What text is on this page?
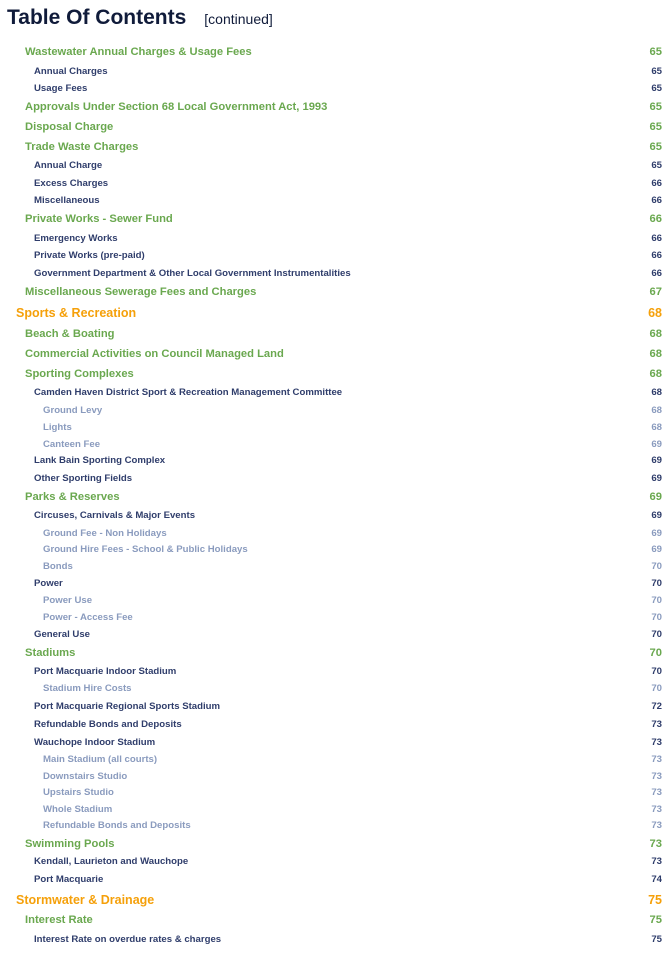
Table Of Contents [continued]
Wastewater Annual Charges & Usage Fees	65
Annual Charges	65
Usage Fees	65
Approvals Under Section 68 Local Government Act, 1993	65
Disposal Charge	65
Trade Waste Charges	65
Annual Charge	65
Excess Charges	66
Miscellaneous	66
Private Works - Sewer Fund	66
Emergency Works	66
Private Works (pre-paid)	66
Government Department & Other Local Government Instrumentalities	66
Miscellaneous Sewerage Fees and Charges	67
Sports & Recreation	68
Beach & Boating	68
Commercial Activities on Council Managed Land	68
Sporting Complexes	68
Camden Haven District Sport & Recreation Management Committee	68
Ground Levy	68
Lights	68
Canteen Fee	69
Lank Bain Sporting Complex	69
Other Sporting Fields	69
Parks & Reserves	69
Circuses, Carnivals & Major Events	69
Ground Fee - Non Holidays	69
Ground Hire Fees - School & Public Holidays	69
Bonds	70
Power	70
Power Use	70
Power - Access Fee	70
General Use	70
Stadiums	70
Port Macquarie Indoor Stadium	70
Stadium Hire Costs	70
Port Macquarie Regional Sports Stadium	72
Refundable Bonds and Deposits	73
Wauchope Indoor Stadium	73
Main Stadium (all courts)	73
Downstairs Studio	73
Upstairs Studio	73
Whole Stadium	73
Refundable Bonds and Deposits	73
Swimming Pools	73
Kendall, Laurieton and Wauchope	73
Port Macquarie	74
Stormwater & Drainage	75
Interest Rate	75
Interest Rate on overdue rates & charges	75
